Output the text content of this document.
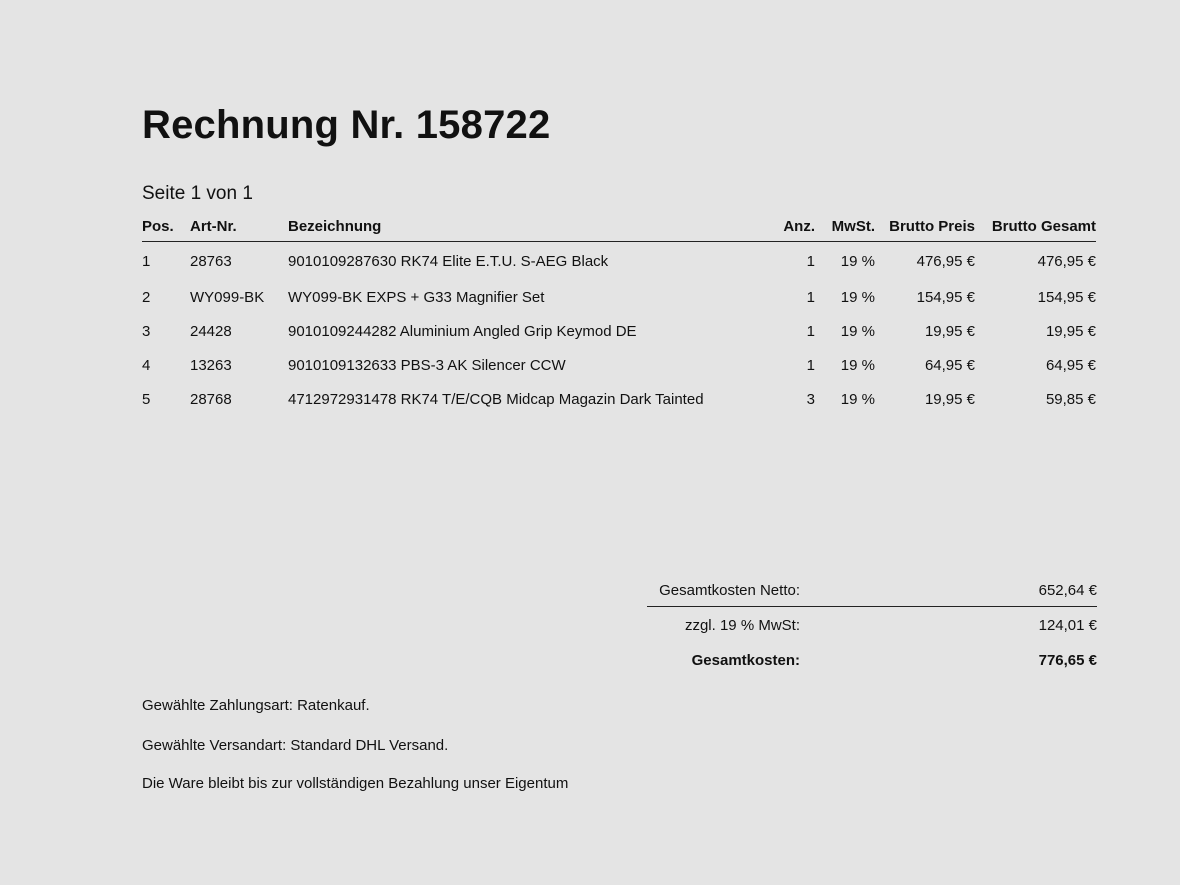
Rechnung Nr. 158722
Seite 1 von 1
Pos.	Art-Nr.	Bezeichnung	Anz.	MwSt.	Brutto Preis	Brutto Gesamt
1	28763	9010109287630 RK74 Elite E.T.U. S-AEG Black	1	19 %	476,95 €	476,95 €
2	WY099-BK	WY099-BK EXPS + G33 Magnifier Set	1	19 %	154,95 €	154,95 €
3	24428	9010109244282 Aluminium Angled Grip Keymod DE	1	19 %	19,95 €	19,95 €
4	13263	9010109132633 PBS-3 AK Silencer CCW	1	19 %	64,95 €	64,95 €
5	28768	4712972931478 RK74 T/E/CQB Midcap Magazin Dark Tainted	3	19 %	19,95 €	59,85 €
Gesamtkosten Netto:	652,64 €
zzgl. 19 % MwSt:	124,01 €
Gesamtkosten:	776,65 €

Gewählte Zahlungsart: Ratenkauf.

Gewählte Versandart: Standard DHL Versand.

Die Ware bleibt bis zur vollständigen Bezahlung unser Eigentum
